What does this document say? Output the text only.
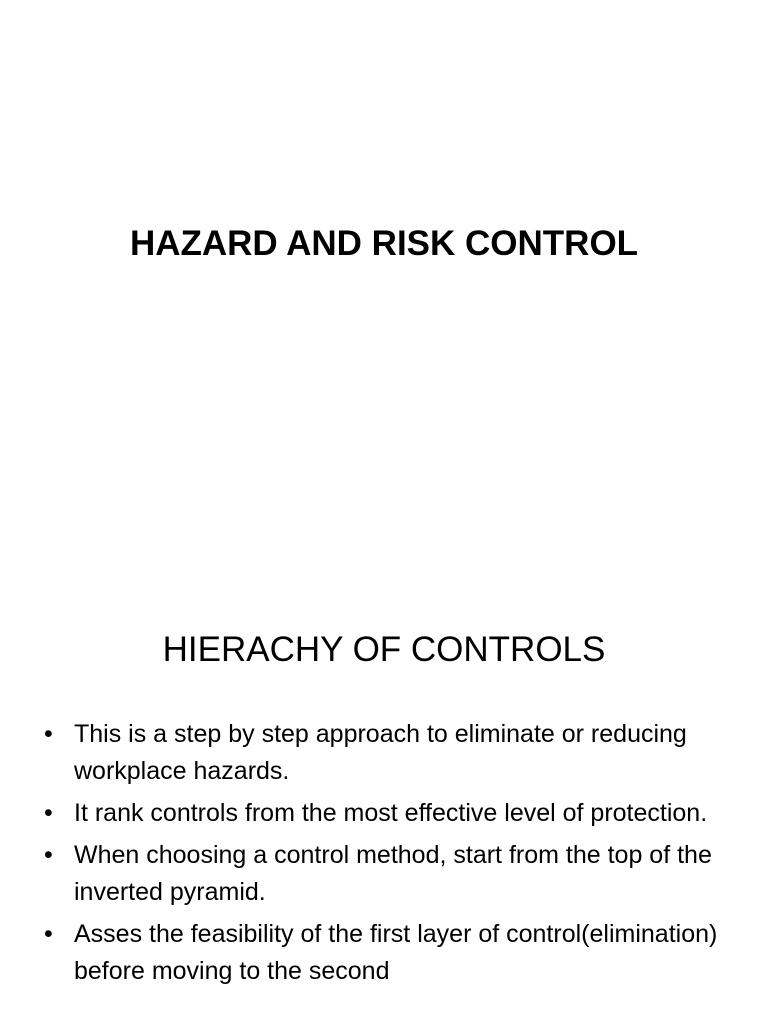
HAZARD AND RISK CONTROL
HIERACHY OF CONTROLS
• This is a step by step approach to eliminate or reducing workplace hazards.
• It rank controls from the most effective level of protection.
• When choosing a control method, start from the top of the inverted pyramid.
• Asses the feasibility of the first layer of control(elimination) before moving to the second
